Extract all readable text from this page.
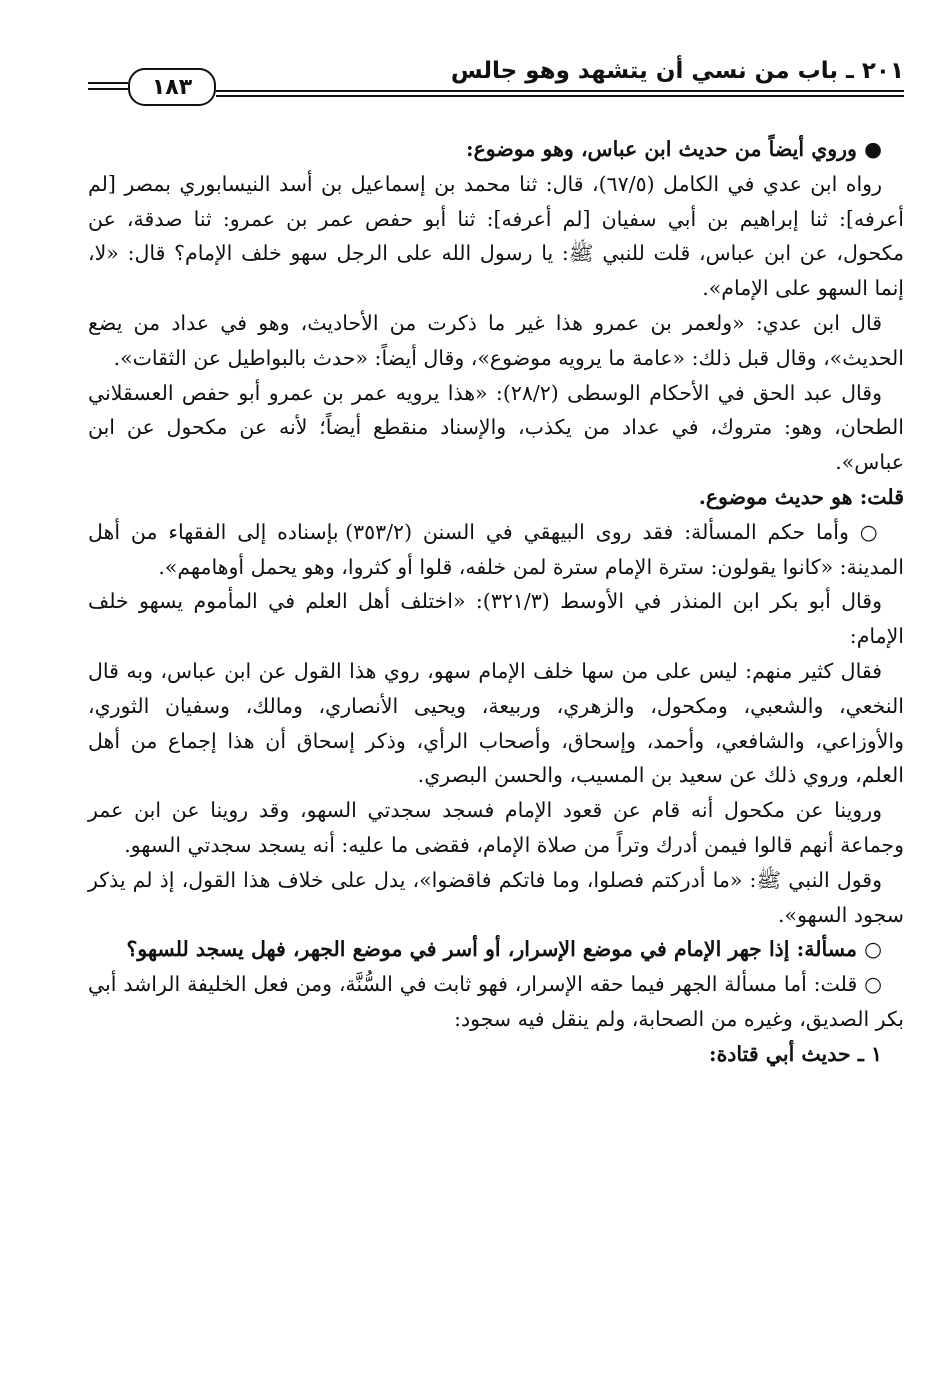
٢٠١ ـ باب من نسي أن يتشهد وهو جالس
١٨٣

● وروي أيضاً من حديث ابن عباس، وهو موضوع:

رواه ابن عدي في الكامل (٦٧/٥)، قال: ثنا محمد بن إسماعيل بن أسد النيسابوري بمصر [لم أعرفه]: ثنا إبراهيم بن أبي سفيان [لم أعرفه]: ثنا أبو حفص عمر بن عمرو: ثنا صدقة، عن مكحول، عن ابن عباس، قلت للنبي ﷺ: يا رسول الله على الرجل سهو خلف الإمام؟ قال: «لا، إنما السهو على الإمام».

قال ابن عدي: «ولعمر بن عمرو هذا غير ما ذكرت من الأحاديث، وهو في عداد من يضع الحديث»، وقال قبل ذلك: «عامة ما يرويه موضوع»، وقال أيضاً: «حدث بالبواطيل عن الثقات».

وقال عبد الحق في الأحكام الوسطى (٢٨/٢): «هذا يرويه عمر بن عمرو أبو حفص العسقلاني الطحان، وهو: متروك، في عداد من يكذب، والإسناد منقطع أيضاً؛ لأنه عن مكحول عن ابن عباس».

قلت: هو حديث موضوع.

○ وأما حكم المسألة: فقد روى البيهقي في السنن (٣٥٣/٢) بإسناده إلى الفقهاء من أهل المدينة: «كانوا يقولون: سترة الإمام سترة لمن خلفه، قلوا أو كثروا، وهو يحمل أوهامهم».

وقال أبو بكر ابن المنذر في الأوسط (٣٢١/٣): «اختلف أهل العلم في المأموم يسهو خلف الإمام:

فقال كثير منهم: ليس على من سها خلف الإمام سهو، روي هذا القول عن ابن عباس، وبه قال النخعي، والشعبي، ومكحول، والزهري، وربيعة، ويحيى الأنصاري، ومالك، وسفيان الثوري، والأوزاعي، والشافعي، وأحمد، وإسحاق، وأصحاب الرأي، وذكر إسحاق أن هذا إجماع من أهل العلم، وروي ذلك عن سعيد بن المسيب، والحسن البصري.

وروينا عن مكحول أنه قام عن قعود الإمام فسجد سجدتي السهو، وقد روينا عن ابن عمر وجماعة أنهم قالوا فيمن أدرك وتراً من صلاة الإمام، فقضى ما عليه: أنه يسجد سجدتي السهو.

وقول النبي ﷺ: «ما أدركتم فصلوا، وما فاتكم فاقضوا»، يدل على خلاف هذا القول، إذ لم يذكر سجود السهو».

○ مسألة: إذا جهر الإمام في موضع الإسرار، أو أسر في موضع الجهر، فهل يسجد للسهو؟

○ قلت: أما مسألة الجهر فيما حقه الإسرار، فهو ثابت في السُّنَّة، ومن فعل الخليفة الراشد أبي بكر الصديق، وغيره من الصحابة، ولم ينقل فيه سجود:

١ ـ حديث أبي قتادة:
